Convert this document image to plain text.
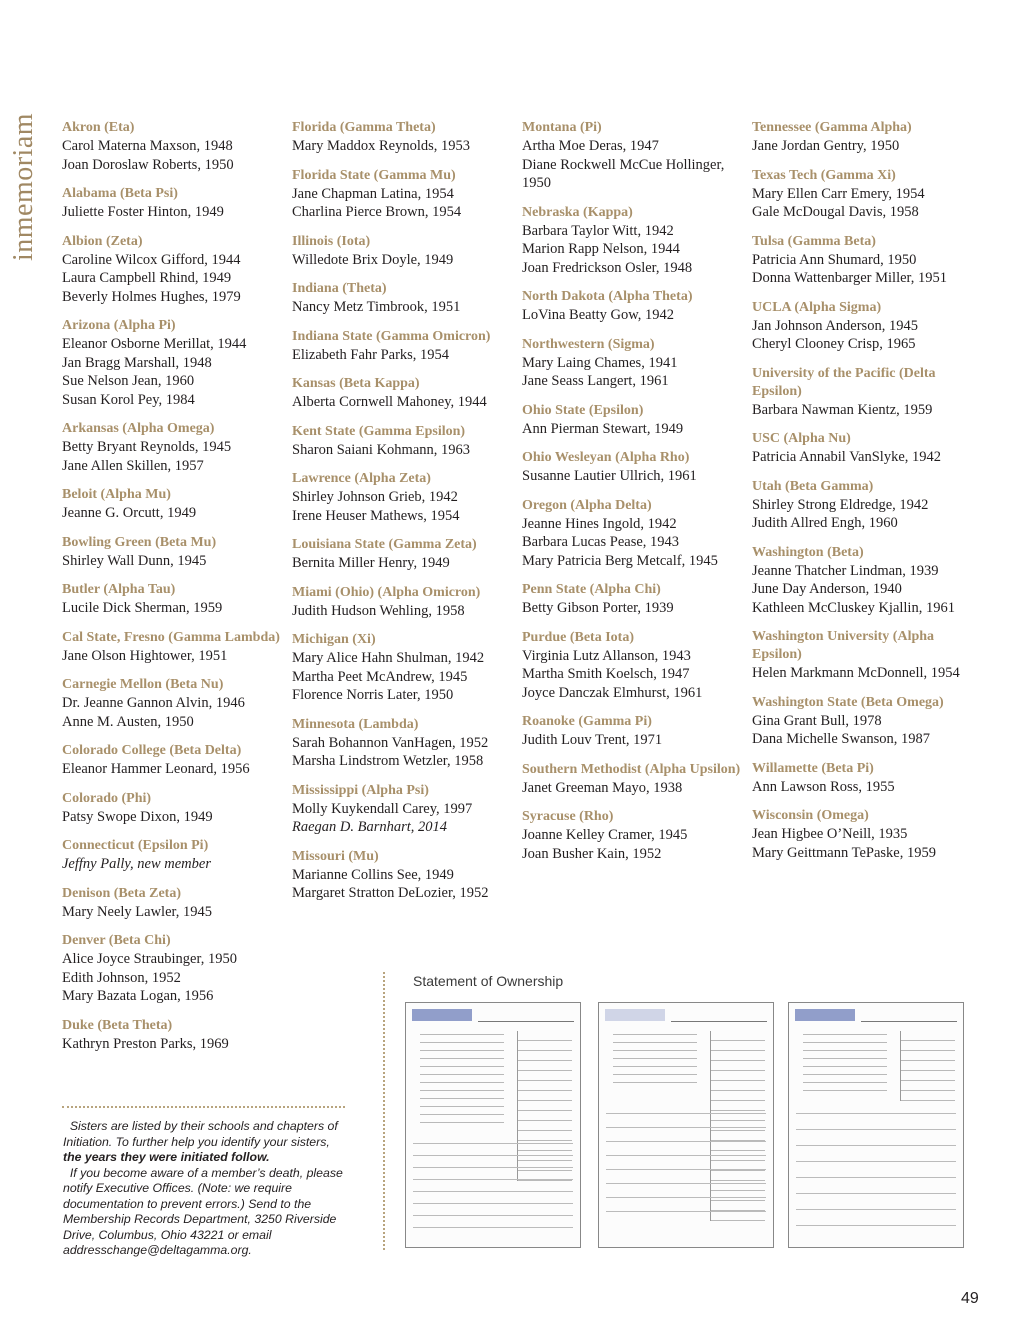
inmemoriam Akron (Eta)
Carol Materna Maxson, 1948
Joan Doroslaw Roberts, 1950
Alabama (Beta Psi)
Juliette Foster Hinton, 1949
Albion (Zeta)
Caroline Wilcox Gifford, 1944
Laura Campbell Rhind, 1949
Beverly Holmes Hughes, 1979
Arizona (Alpha Pi)
Eleanor Osborne Merillat, 1944
Jan Bragg Marshall, 1948
Sue Nelson Jean, 1960
Susan Korol Pey, 1984
Arkansas (Alpha Omega)
Betty Bryant Reynolds, 1945
Jane Allen Skillen, 1957
Beloit (Alpha Mu)
Jeanne G. Orcutt, 1949
Bowling Green (Beta Mu)
Shirley Wall Dunn, 1945
Butler (Alpha Tau)
Lucile Dick Sherman, 1959
Cal State, Fresno (Gamma Lambda)
Jane Olson Hightower, 1951
Carnegie Mellon (Beta Nu)
Dr. Jeanne Gannon Alvin, 1946
Anne M. Austen, 1950
Colorado College (Beta Delta)
Eleanor Hammer Leonard, 1956
Colorado (Phi)
Patsy Swope Dixon, 1949
Connecticut (Epsilon Pi)
Jeffny Pally, new member
Denison (Beta Zeta)
Mary Neely Lawler, 1945
Denver (Beta Chi)
Alice Joyce Straubinger, 1950
Edith Johnson, 1952
Mary Bazata Logan, 1956
Duke (Beta Theta)
Kathryn Preston Parks, 1969
Florida (Gamma Theta)
Mary Maddox Reynolds, 1953
Florida State (Gamma Mu)
Jane Chapman Latina, 1954
Charlina Pierce Brown, 1954
Illinois (Iota)
Willedote Brix Doyle, 1949
Indiana (Theta)
Nancy Metz Timbrook, 1951
Indiana State (Gamma Omicron)
Elizabeth Fahr Parks, 1954
Kansas (Beta Kappa)
Alberta Cornwell Mahoney, 1944
Kent State (Gamma Epsilon)
Sharon Saiani Kohmann, 1963
Lawrence (Alpha Zeta)
Shirley Johnson Grieb, 1942
Irene Heuser Mathews, 1954
Louisiana State (Gamma Zeta)
Bernita Miller Henry, 1949
Miami (Ohio) (Alpha Omicron)
Judith Hudson Wehling, 1958
Michigan (Xi)
Mary Alice Hahn Shulman, 1942
Martha Peet McAndrew, 1945
Florence Norris Later, 1950
Minnesota (Lambda)
Sarah Bohannon VanHagen, 1952
Marsha Lindstrom Wetzler, 1958
Mississippi (Alpha Psi)
Molly Kuykendall Carey, 1997
Raegan D. Barnhart, 2014
Missouri (Mu)
Marianne Collins See, 1949
Margaret Stratton DeLozier, 1952
Montana (Pi)
Artha Moe Deras, 1947
Diane Rockwell McCue Hollinger, 1950
Nebraska (Kappa)
Barbara Taylor Witt, 1942
Marion Rapp Nelson, 1944
Joan Fredrickson Osler, 1948
North Dakota (Alpha Theta)
LoVina Beatty Gow, 1942
Northwestern (Sigma)
Mary Laing Chames, 1941
Jane Seass Langert, 1961
Ohio State (Epsilon)
Ann Pierman Stewart, 1949
Ohio Wesleyan (Alpha Rho)
Susanne Lautier Ullrich, 1961
Oregon (Alpha Delta)
Jeanne Hines Ingold, 1942
Barbara Lucas Pease, 1943
Mary Patricia Berg Metcalf, 1945
Penn State (Alpha Chi)
Betty Gibson Porter, 1939
Purdue (Beta Iota)
Virginia Lutz Allanson, 1943
Martha Smith Koelsch, 1947
Joyce Danczak Elmhurst, 1961
Roanoke (Gamma Pi)
Judith Louv Trent, 1971
Southern Methodist (Alpha Upsilon)
Janet Greeman Mayo, 1938
Syracuse (Rho)
Joanne Kelley Cramer, 1945
Joan Busher Kain, 1952
Tennessee (Gamma Alpha)
Jane Jordan Gentry, 1950
Texas Tech (Gamma Xi)
Mary Ellen Carr Emery, 1954
Gale McDougal Davis, 1958
Tulsa (Gamma Beta)
Patricia Ann Shumard, 1950
Donna Wattenbarger Miller, 1951
UCLA (Alpha Sigma)
Jan Johnson Anderson, 1945
Cheryl Clooney Crisp, 1965
University of the Pacific (Delta Epsilon)
Barbara Nawman Kientz, 1959
USC (Alpha Nu)
Patricia Annabil VanSlyke, 1942
Utah (Beta Gamma)
Shirley Strong Eldredge, 1942
Judith Allred Engh, 1960
Washington (Beta)
Jeanne Thatcher Lindman, 1939
June Day Anderson, 1940
Kathleen McCluskey Kjallin, 1961
Washington University (Alpha Epsilon)
Helen Markmann McDonnell, 1954
Washington State (Beta Omega)
Gina Grant Bull, 1978
Dana Michelle Swanson, 1987
Willamette (Beta Pi)
Ann Lawson Ross, 1955
Wisconsin (Omega)
Jean Higbee O’Neill, 1935
Mary Geittmann TePaske, 1959

Sisters are listed by their schools and chapters of Initiation. To further help you identify your sisters, the years they were initiated follow.

If you become aware of a member’s death, please notify Executive Offices. (Note: we require documentation to prevent errors.) Send to the Membership Records Department, 3250 Riverside Drive, Columbus, Ohio 43221 or email addresschange@deltagamma.org.

Statement of Ownership
49
